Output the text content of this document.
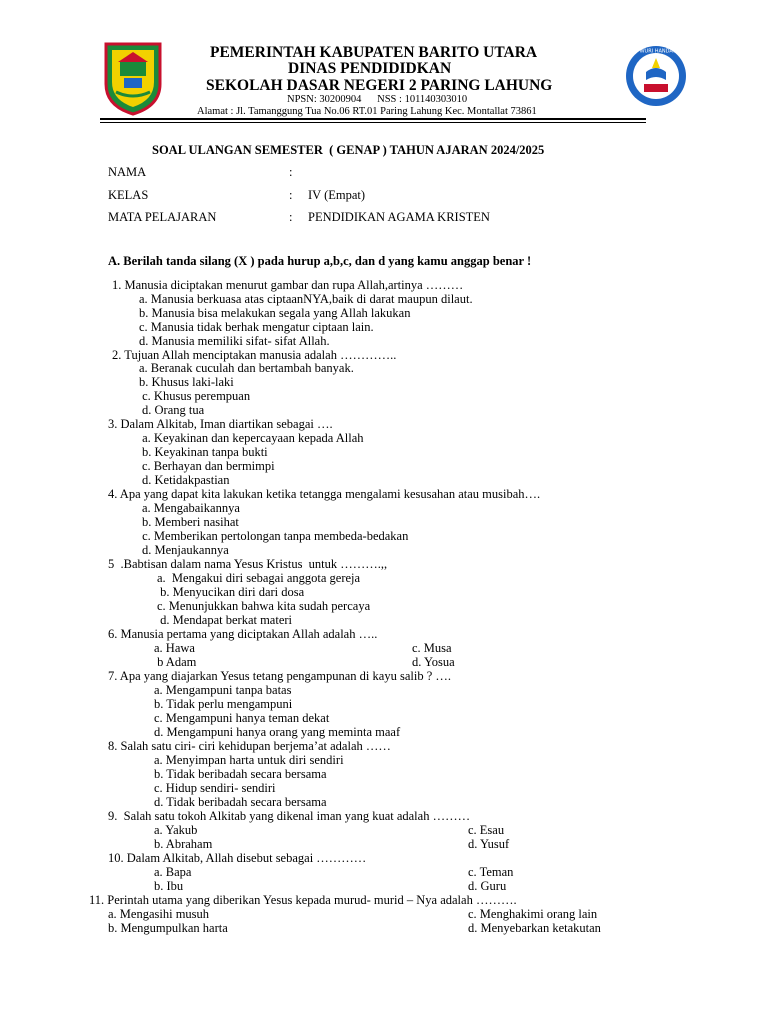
TUT WURI HANDAYANI
PEMERINTAH KABUPATEN BARITO UTARA
DINAS PENDIDIDKAN
SEKOLAH DASAR NEGERI 2 PARING LAHUNG
NPSN: 30200904      NSS : 101140303010
Alamat : Jl. Tamanggung Tua No.06 RT.01 Paring Lahung Kec. Montallat 73861
SOAL ULANGAN SEMESTER  ( GENAP ) TAHUN AJARAN 2024/2025
NAMA	:
KELAS	: IV (Empat)
MATA PELAJARAN	: PENDIDIKAN AGAMA KRISTEN
A. Berilah tanda silang (X ) pada hurup a,b,c, dan d yang kamu anggap benar !
1. Manusia diciptakan menurut gambar dan rupa Allah,artinya ………
a. Manusia berkuasa atas ciptaanNYA,baik di darat maupun dilaut.
b. Manusia bisa melakukan segala yang Allah lakukan
c. Manusia tidak berhak mengatur ciptaan lain.
d. Manusia memiliki sifat- sifat Allah.
2. Tujuan Allah menciptakan manusia adalah …………..
a. Beranak cuculah dan bertambah banyak.
b. Khusus laki-laki
c. Khusus perempuan
d. Orang tua
3. Dalam Alkitab, Iman diartikan sebagai ….
a. Keyakinan dan kepercayaan kepada Allah
b. Keyakinan tanpa bukti
c. Berhayan dan bermimpi
d. Ketidakpastian
4. Apa yang dapat kita lakukan ketika tetangga mengalami kesusahan atau musibah….
a. Mengabaikannya
b. Memberi nasihat
c. Memberikan pertolongan tanpa membeda-bedakan
d. Menjaukannya
5  .Babtisan dalam nama Yesus Kristus  untuk ……….,,
a.  Mengakui diri sebagai anggota gereja
b. Menyucikan diri dari dosa
c. Menunjukkan bahwa kita sudah percaya
d. Mendapat berkat materi
6. Manusia pertama yang diciptakan Allah adalah …..
a. Hawa	c. Musa
b Adam	d. Yosua
7. Apa yang diajarkan Yesus tetang pengampunan di kayu salib ? ….
a. Mengampuni tanpa batas
b. Tidak perlu mengampuni
c. Mengampuni hanya teman dekat
d. Mengampuni hanya orang yang meminta maaf
8. Salah satu ciri- ciri kehidupan berjema’at adalah ……
a. Menyimpan harta untuk diri sendiri
b. Tidak beribadah secara bersama
c. Hidup sendiri- sendiri
d. Tidak beribadah secara bersama
9.  Salah satu tokoh Alkitab yang dikenal iman yang kuat adalah ………
a. Yakub	c. Esau
b. Abraham	d. Yusuf
10. Dalam Alkitab, Allah disebut sebagai …………
a. Bapa	c. Teman
b. Ibu	d. Guru
11. Perintah utama yang diberikan Yesus kepada murud- murid – Nya adalah ……….
a. Mengasihi musuh	c. Menghakimi orang lain
b. Mengumpulkan harta	d. Menyebarkan ketakutan
